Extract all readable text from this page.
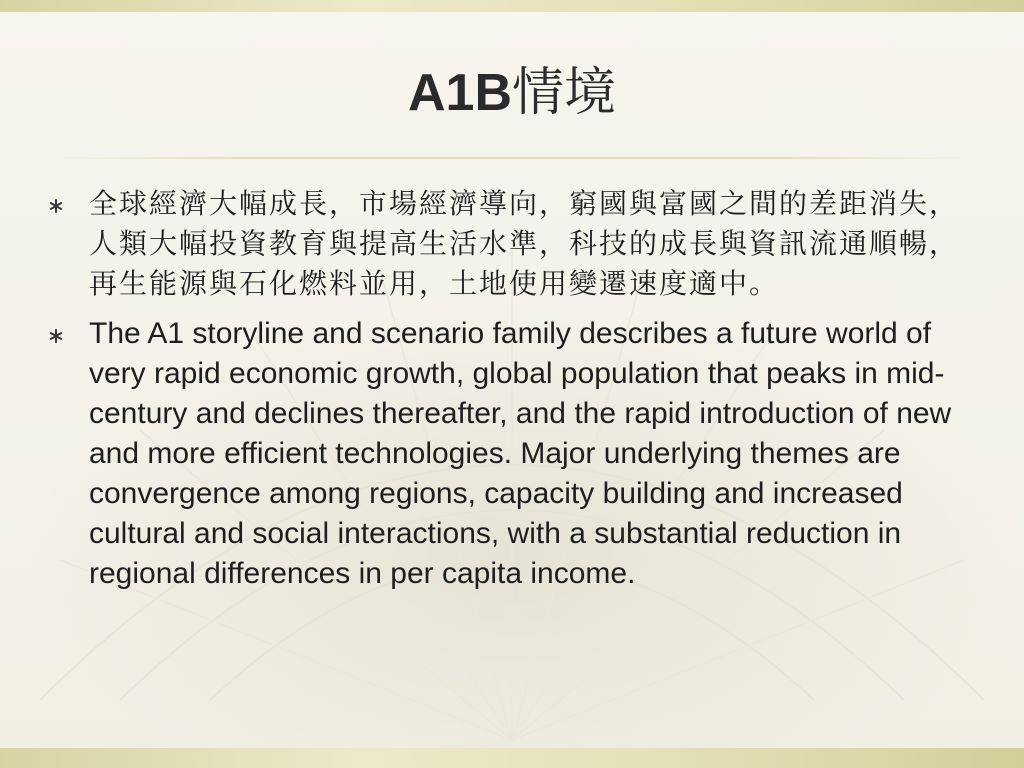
A1B情境
全球經濟大幅成長，市場經濟導向，窮國與富國之間的差距消失，人類大幅投資教育與提高生活水準，科技的成長與資訊流通順暢，再生能源與石化燃料並用，土地使用變遷速度適中。
The A1 storyline and scenario family describes a future world of very rapid economic growth, global population that peaks in mid-century and declines thereafter, and the rapid introduction of new and more efficient technologies. Major underlying themes are convergence among regions, capacity building and increased cultural and social interactions, with a substantial reduction in regional differences in per capita income.
